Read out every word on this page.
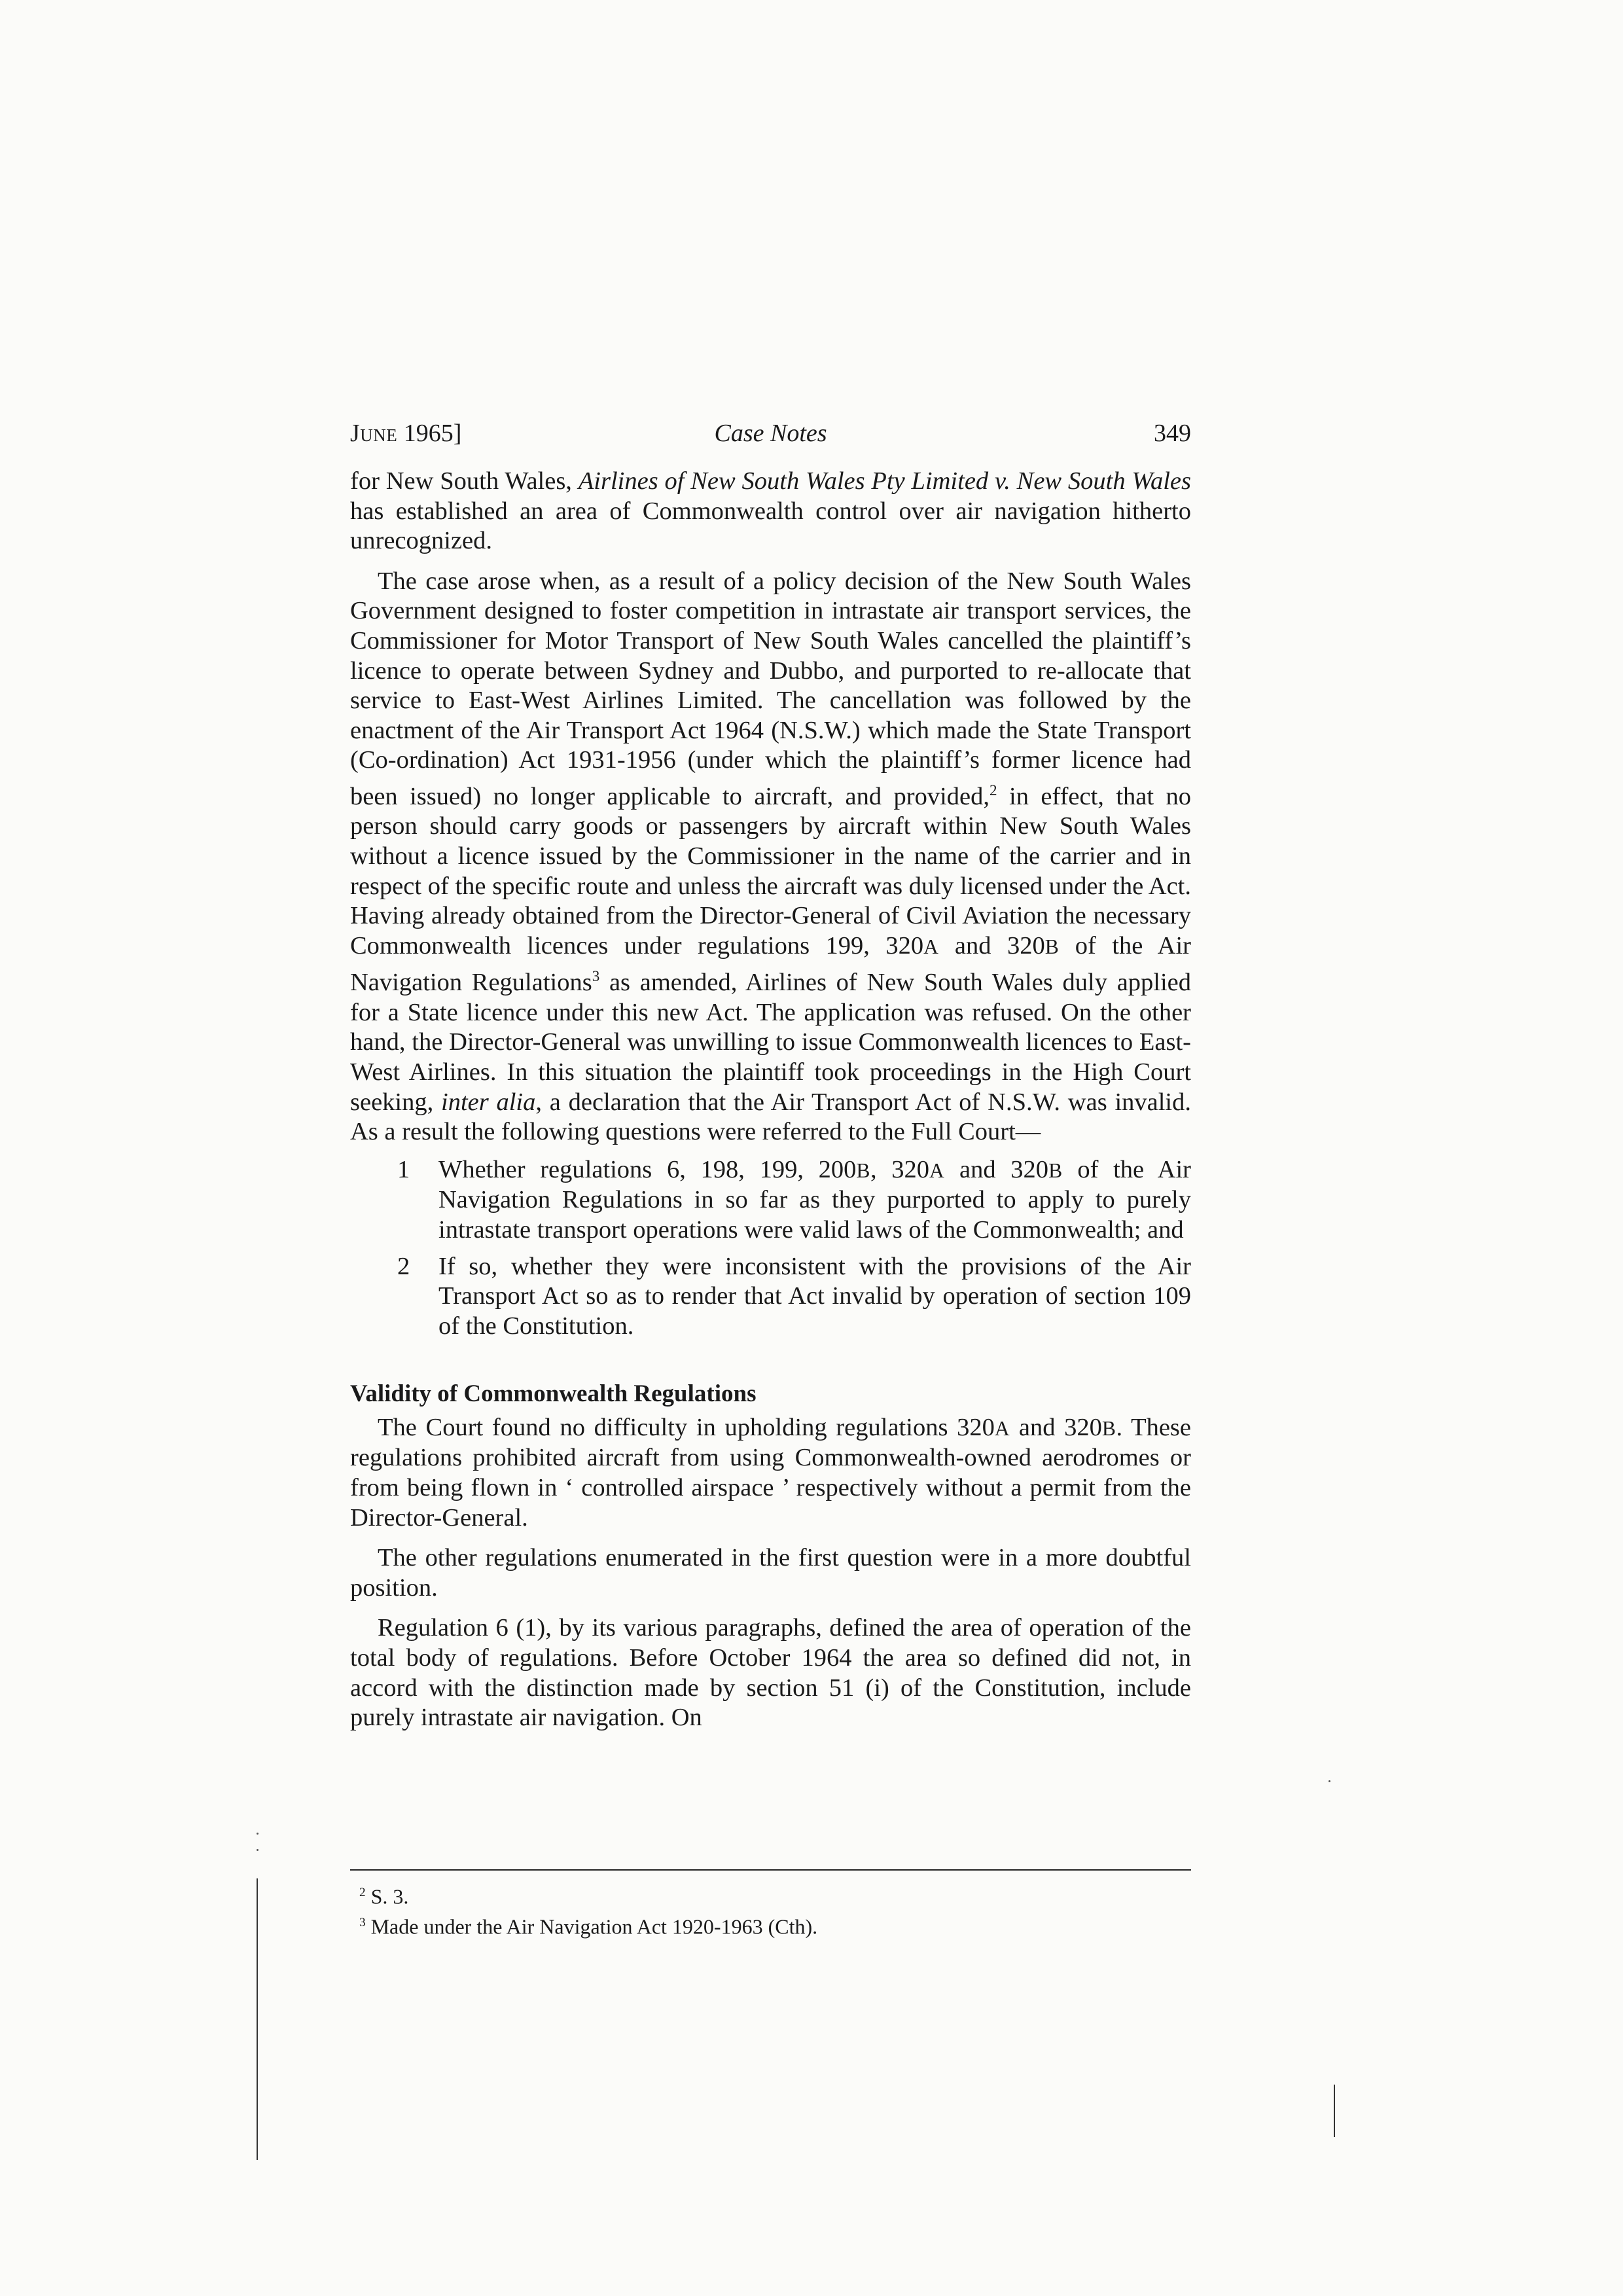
June 1965]	Case Notes	349

for New South Wales, Airlines of New South Wales Pty Limited v. New South Wales has established an area of Commonwealth control over air navigation hitherto unrecognized.

The case arose when, as a result of a policy decision of the New South Wales Government designed to foster competition in intrastate air transport services, the Commissioner for Motor Transport of New South Wales cancelled the plaintiff’s licence to operate between Sydney and Dubbo, and purported to re-allocate that service to East-West Airlines Limited. The cancellation was followed by the enactment of the Air Transport Act 1964 (N.S.W.) which made the State Transport (Co-ordination) Act 1931-1956 (under which the plaintiff’s former licence had been issued) no longer applicable to aircraft, and provided,$^2$ in effect, that no person should carry goods or passengers by aircraft within New South Wales without a licence issued by the Commissioner in the name of the carrier and in respect of the specific route and unless the aircraft was duly licensed under the Act. Having already obtained from the Director-General of Civil Aviation the necessary Commonwealth licences under regulations 199, 320A and 320B of the Air Navigation Regulations$^3$ as amended, Airlines of New South Wales duly applied for a State licence under this new Act. The application was refused. On the other hand, the Director-General was unwilling to issue Commonwealth licences to East-West Airlines. In this situation the plaintiff took proceedings in the High Court seeking, inter alia, a declaration that the Air Transport Act of N.S.W. was invalid. As a result the following questions were referred to the Full Court—

1 Whether regulations 6, 198, 199, 200B, 320A and 320B of the Air Navigation Regulations in so far as they purported to apply to purely intrastate transport operations were valid laws of the Commonwealth; and
2 If so, whether they were inconsistent with the provisions of the Air Transport Act so as to render that Act invalid by operation of section 109 of the Constitution.
Validity of Commonwealth Regulations

The Court found no difficulty in upholding regulations 320A and 320B. These regulations prohibited aircraft from using Commonwealth-owned aerodromes or from being flown in ‘ controlled airspace ’ respectively without a permit from the Director-General.

The other regulations enumerated in the first question were in a more doubtful position.

Regulation 6 (1), by its various paragraphs, defined the area of operation of the total body of regulations. Before October 1964 the area so defined did not, in accord with the distinction made by section 51 (i) of the Constitution, include purely intrastate air navigation. On

$^2$ S. 3.
$^3$ Made under the Air Navigation Act 1920-1963 (Cth).
